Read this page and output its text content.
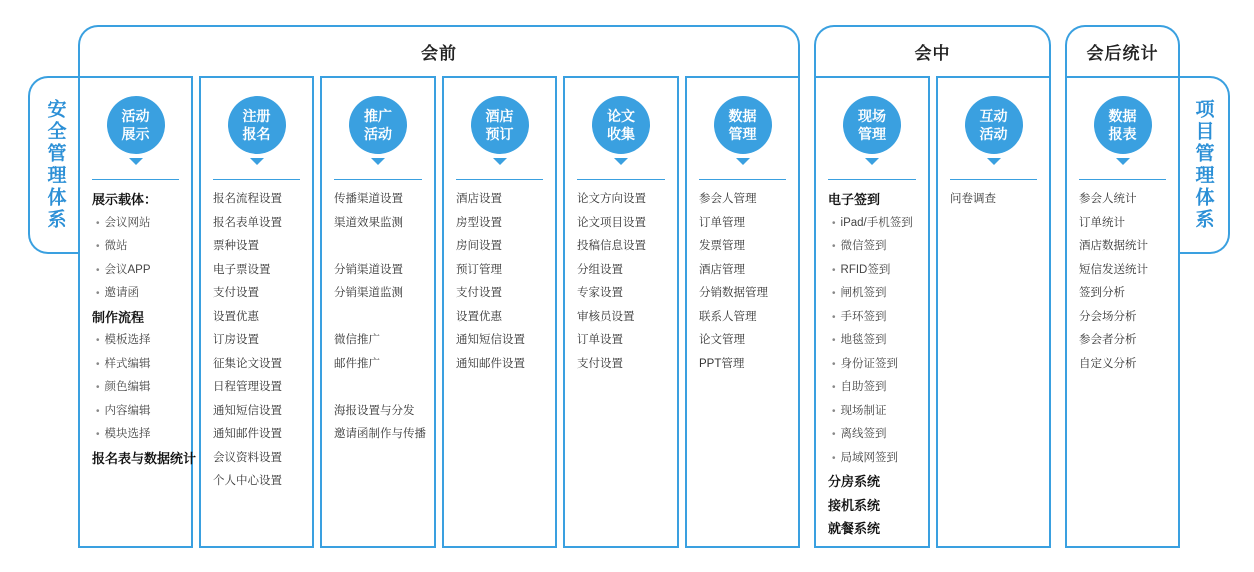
会前	会中	会后统计
安全管理体系	项目管理体系
活动
展示
展示载体：
• 会议网站
• 微站
• 会议APP
• 邀请函
制作流程
• 模板选择
• 样式编辑
• 颜色编辑
• 内容编辑
• 模块选择
报名表与数据统计
注册
报名
报名流程设置
报名表单设置
票种设置
电子票设置
支付设置
设置优惠
订房设置
征集论文设置
日程管理设置
通知短信设置
通知邮件设置
会议资料设置
个人中心设置
推广
活动
传播渠道设置
渠道效果监测
分销渠道设置
分销渠道监测
微信推广
邮件推广
海报设置与分发
邀请函制作与传播
酒店
预订
酒店设置
房型设置
房间设置
预订管理
支付设置
设置优惠
通知短信设置
通知邮件设置
论文
收集
论文方向设置
论文项目设置
投稿信息设置
分组设置
专家设置
审核员设置
订单设置
支付设置
数据
管理
参会人管理
订单管理
发票管理
酒店管理
分销数据管理
联系人管理
论文管理
PPT管理
现场
管理
电子签到
• iPad/手机签到
• 微信签到
• RFID签到
• 闸机签到
• 手环签到
• 地毯签到
• 身份证签到
• 自助签到
• 现场制证
• 离线签到
• 局域网签到
分房系统
接机系统
就餐系统
互动
活动
问卷调查
数据
报表
参会人统计
订单统计
酒店数据统计
短信发送统计
签到分析
分会场分析
参会者分析
自定义分析
